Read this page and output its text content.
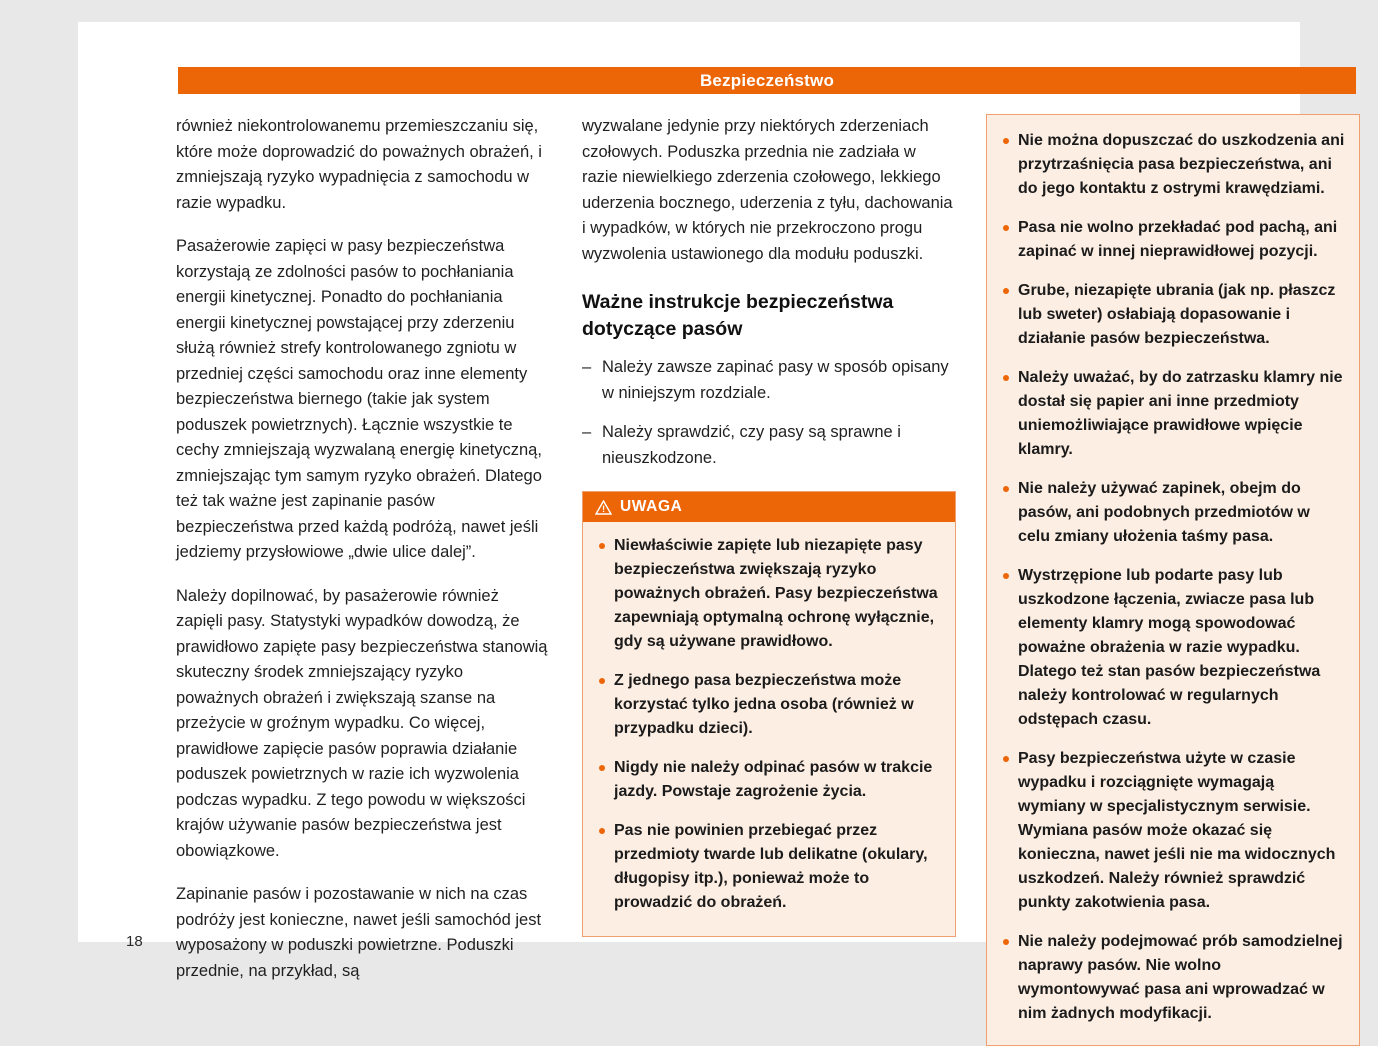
18
Bezpieczeństwo

również niekontrolowanemu przemieszczaniu się, które może doprowadzić do poważnych obrażeń, i zmniejszają ryzyko wypadnięcia z samochodu w razie wypadku.

Pasażerowie zapięci w pasy bezpieczeństwa korzystają ze zdolności pasów to pochłaniania energii kinetycznej. Ponadto do pochłaniania energii kinetycznej powstającej przy zderzeniu służą również strefy kontrolowanego zgniotu w przedniej części samochodu oraz inne elementy bezpieczeństwa biernego (takie jak system poduszek powietrznych). Łącznie wszystkie te cechy zmniejszają wyzwalaną energię kinetyczną, zmniejszając tym samym ryzyko obrażeń. Dlatego też tak ważne jest zapinanie pasów bezpieczeństwa przed każdą podróżą, nawet jeśli jedziemy przysłowiowe „dwie ulice dalej”.

Należy dopilnować, by pasażerowie również zapięli pasy. Statystyki wypadków dowodzą, że prawidłowo zapięte pasy bezpieczeństwa stanowią skuteczny środek zmniejszający ryzyko poważnych obrażeń i zwiększają szanse na przeżycie w groźnym wypadku. Co więcej, prawidłowe zapięcie pasów poprawia działanie poduszek powietrznych w razie ich wyzwolenia podczas wypadku. Z tego powodu w większości krajów używanie pasów bezpieczeństwa jest obowiązkowe.

Zapinanie pasów i pozostawanie w nich na czas podróży jest konieczne, nawet jeśli samochód jest wyposażony w poduszki powietrzne. Poduszki przednie, na przykład, są

wyzwalane jedynie przy niektórych zderzeniach czołowych. Poduszka przednia nie zadziała w razie niewielkiego zderzenia czołowego, lekkiego uderzenia bocznego, uderzenia z tyłu, dachowania i wypadków, w których nie przekroczono progu wyzwolenia ustawionego dla modułu poduszki.

Ważne instrukcje bezpieczeństwa dotyczące pasów
– Należy zawsze zapinać pasy w sposób opisany w niniejszym rozdziale.
– Należy sprawdzić, czy pasy są sprawne i nieuszkodzone.
UWAGA
Niewłaściwie zapięte lub niezapięte pasy bezpieczeństwa zwiększają ryzyko poważnych obrażeń. Pasy bezpieczeństwa zapewniają optymalną ochronę wyłącznie, gdy są używane prawidłowo.
Z jednego pasa bezpieczeństwa może korzystać tylko jedna osoba (również w przypadku dzieci).
Nigdy nie należy odpinać pasów w trakcie jazdy. Powstaje zagrożenie życia.
Pas nie powinien przebiegać przez przedmioty twarde lub delikatne (okulary, długopisy itp.), ponieważ może to prowadzić do obrażeń.
Nie można dopuszczać do uszkodzenia ani przytrzaśnięcia pasa bezpieczeństwa, ani do jego kontaktu z ostrymi krawędziami.
Pasa nie wolno przekładać pod pachą, ani zapinać w innej nieprawidłowej pozycji.
Grube, niezapięte ubrania (jak np. płaszcz lub sweter) osłabiają dopasowanie i działanie pasów bezpieczeństwa.
Należy uważać, by do zatrzasku klamry nie dostał się papier ani inne przedmioty uniemożliwiające prawidłowe wpięcie klamry.
Nie należy używać zapinek, obejm do pasów, ani podobnych przedmiotów w celu zmiany ułożenia taśmy pasa.
Wystrzępione lub podarte pasy lub uszkodzone łączenia, zwiacze pasa lub elementy klamry mogą spowodować poważne obrażenia w razie wypadku. Dlatego też stan pasów bezpieczeństwa należy kontrolować w regularnych odstępach czasu.
Pasy bezpieczeństwa użyte w czasie wypadku i rozciągnięte wymagają wymiany w specjalistycznym serwisie. Wymiana pasów może okazać się konieczna, nawet jeśli nie ma widocznych uszkodzeń. Należy również sprawdzić punkty zakotwienia pasa.
Nie należy podejmować prób samodzielnej naprawy pasów. Nie wolno wymontowywać pasa ani wprowadzać w nim żadnych modyfikacji.
